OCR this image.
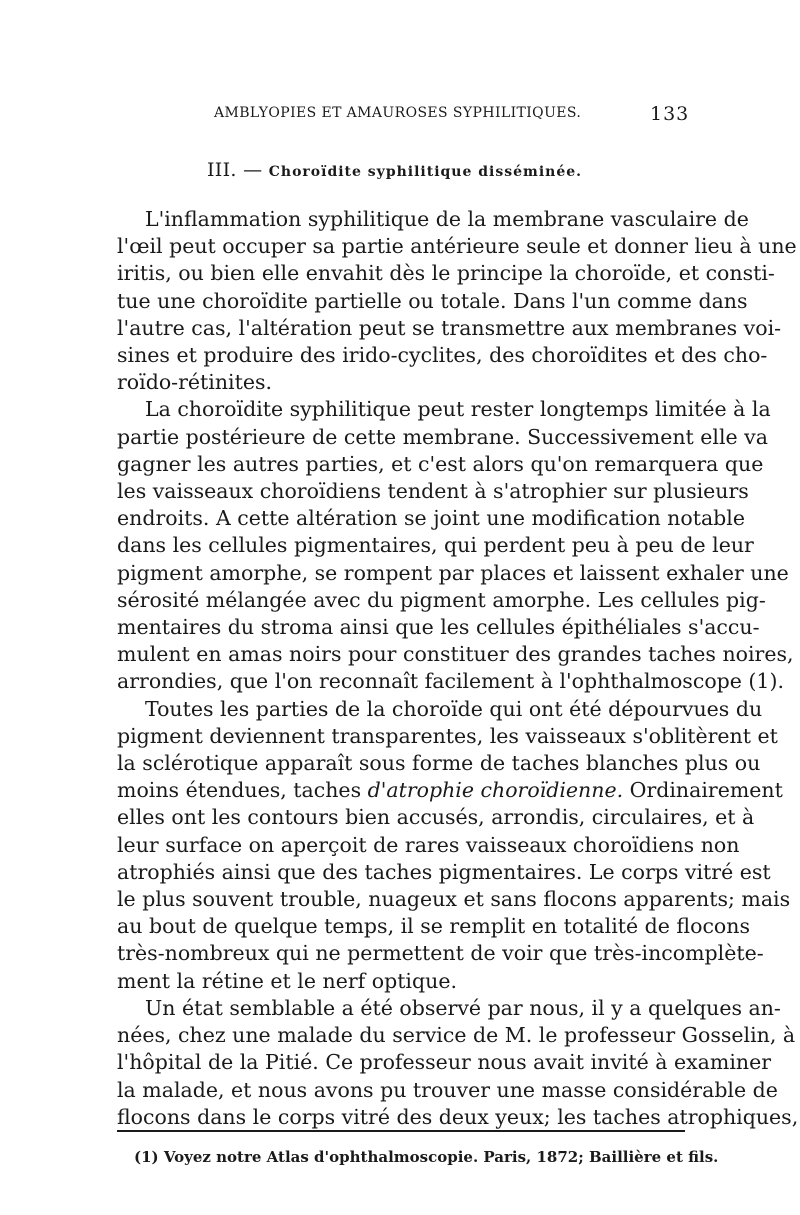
AMBLYOPIES ET AMAUROSES SYPHILITIQUES.	133
III. — Choroïdite syphilitique disséminée.
L'inflammation syphilitique de la membrane vasculaire de
l'œil peut occuper sa partie antérieure seule et donner lieu à une
iritis, ou bien elle envahit dès le principe la choroïde, et consti-
tue une choroïdite partielle ou totale. Dans l'un comme dans
l'autre cas, l'altération peut se transmettre aux membranes voi-
sines et produire des irido-cyclites, des choroïdites et des cho-
roïdo-rétinites.
La choroïdite syphilitique peut rester longtemps limitée à la
partie postérieure de cette membrane. Successivement elle va
gagner les autres parties, et c'est alors qu'on remarquera que
les vaisseaux choroïdiens tendent à s'atrophier sur plusieurs
endroits. A cette altération se joint une modification notable
dans les cellules pigmentaires, qui perdent peu à peu de leur
pigment amorphe, se rompent par places et laissent exhaler une
sérosité mélangée avec du pigment amorphe. Les cellules pig-
mentaires du stroma ainsi que les cellules épithéliales s'accu-
mulent en amas noirs pour constituer des grandes taches noires,
arrondies, que l'on reconnaît facilement à l'ophthalmoscope (1).
Toutes les parties de la choroïde qui ont été dépourvues du
pigment deviennent transparentes, les vaisseaux s'oblitèrent et
la sclérotique apparaît sous forme de taches blanches plus ou
moins étendues, taches d'atrophie choroïdienne. Ordinairement
elles ont les contours bien accusés, arrondis, circulaires, et à
leur surface on aperçoit de rares vaisseaux choroïdiens non
atrophiés ainsi que des taches pigmentaires. Le corps vitré est
le plus souvent trouble, nuageux et sans flocons apparents; mais
au bout de quelque temps, il se remplit en totalité de flocons
très-nombreux qui ne permettent de voir que très-incomplète-
ment la rétine et le nerf optique.
Un état semblable a été observé par nous, il y a quelques an-
nées, chez une malade du service de M. le professeur Gosselin, à
l'hôpital de la Pitié. Ce professeur nous avait invité à examiner
la malade, et nous avons pu trouver une masse considérable de
flocons dans le corps vitré des deux yeux; les taches atrophiques,
(1) Voyez notre Atlas d'ophthalmoscopie. Paris, 1872; Baillière et fils.
